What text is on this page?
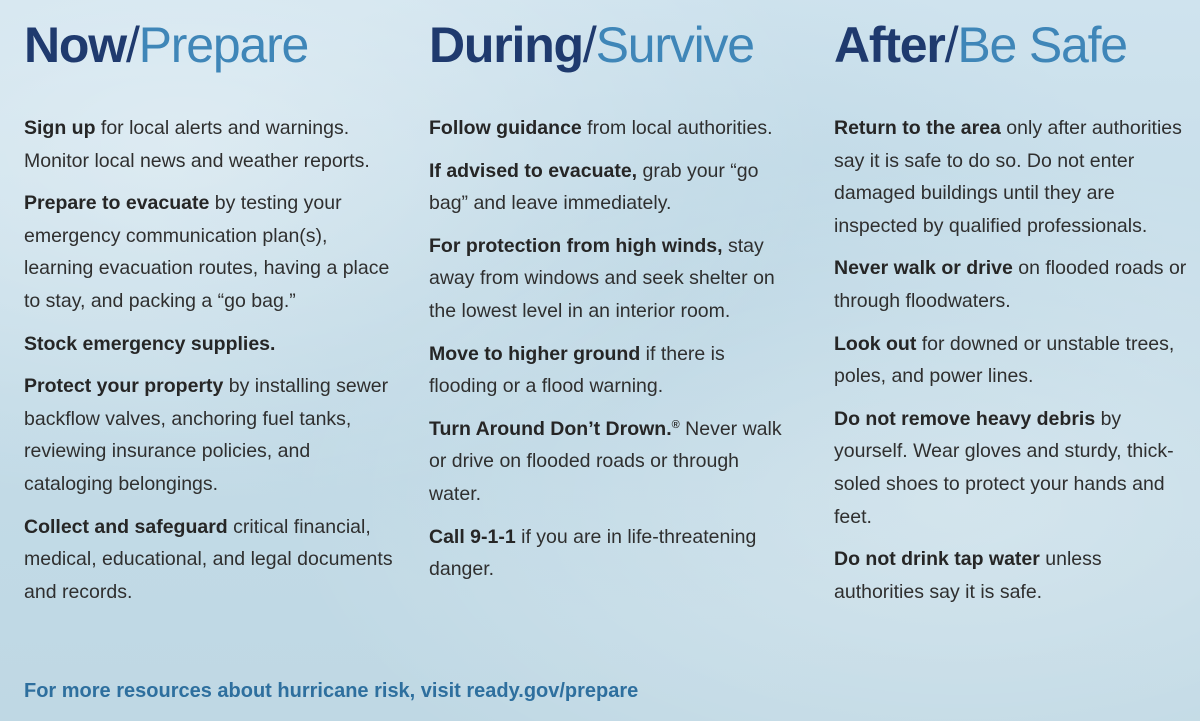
Now/Prepare
Sign up for local alerts and warnings. Monitor local news and weather reports.
Prepare to evacuate by testing your emergency communication plan(s), learning evacuation routes, having a place to stay, and packing a “go bag.”
Stock emergency supplies.
Protect your property by installing sewer backflow valves, anchoring fuel tanks, reviewing insurance policies, and cataloging belongings.
Collect and safeguard critical financial, medical, educational, and legal documents and records.
During/Survive
Follow guidance from local authorities.
If advised to evacuate, grab your “go bag” and leave immediately.
For protection from high winds, stay away from windows and seek shelter on the lowest level in an interior room.
Move to higher ground if there is flooding or a flood warning.
Turn Around Don’t Drown.® Never walk or drive on flooded roads or through water.
Call 9-1-1 if you are in life-threatening danger.
After/Be Safe
Return to the area only after authorities say it is safe to do so. Do not enter damaged buildings until they are inspected by qualified professionals.
Never walk or drive on flooded roads or through floodwaters.
Look out for downed or unstable trees, poles, and power lines.
Do not remove heavy debris by yourself. Wear gloves and sturdy, thick-soled shoes to protect your hands and feet.
Do not drink tap water unless authorities say it is safe.

For more resources about hurricane risk, visit ready.gov/prepare
